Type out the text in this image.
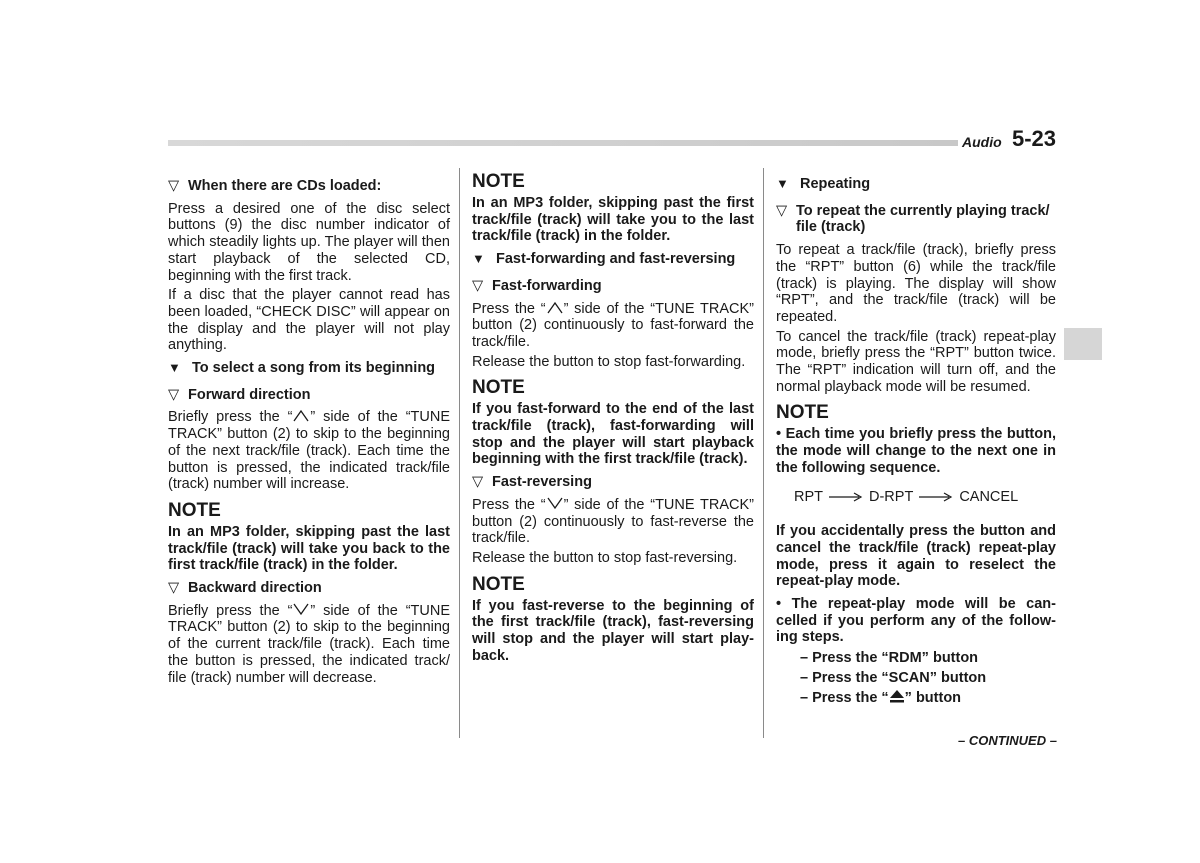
Audio 5-23
▽ When there are CDs loaded:

Press a desired one of the disc select buttons (9) the disc number indicator of which steadily lights up. The player will then start playback of the selected CD, beginning with the first track.

If a disc that the player cannot read has been loaded, “CHECK DISC” will appear on the display and the player will not play anything.

▼ To select a song from its beginning
▽ Forward direction

Briefly press the “ ” side of the “TUNE TRACK” button (2) to skip to the beginning of the next track/file (track). Each time the button is pressed, the indicated track/file (track) number will increase.

NOTE

In an MP3 folder, skipping past the last track/file (track) will take you back to the first track/file (track) in the folder.

▽ Backward direction

Briefly press the “ ” side of the “TUNE TRACK” button (2) to skip to the beginning of the current track/file (track). Each time the button is pressed, the indicated track/ file (track) number will decrease.

NOTE

In an MP3 folder, skipping past the first track/file (track) will take you to the last track/file (track) in the folder.

▼ Fast-forwarding and fast-reversing
▽ Fast-forwarding

Press the “ ” side of the “TUNE TRACK” button (2) continuously to fast-forward the track/file.

Release the button to stop fast-forwarding.

NOTE

If you fast-forward to the end of the last track/file (track), fast-forwarding will stop and the player will start playback beginning with the first track/file (track).

▽ Fast-reversing

Press the “ ” side of the “TUNE TRACK” button (2) continuously to fast-reverse the track/file.

Release the button to stop fast-reversing.

NOTE

If you fast-reverse to the beginning of the first track/file (track), fast-reversing will stop and the player will start play-back.

▼ Repeating
▽ To repeat the currently playing track/ file (track)

To repeat a track/file (track), briefly press the “RPT” button (6) while the track/file (track) is playing. The display will show “RPT”, and the track/file (track) will be repeated.

To cancel the track/file (track) repeat-play mode, briefly press the “RPT” button twice. The “RPT” indication will turn off, and the normal playback mode will be resumed.

NOTE

• Each time you briefly press the button, the mode will change to the next one in the following sequence.

RPT	D-RPT	CANCEL

If you accidentally press the button and cancel the track/file (track) repeat-play mode, press it again to reselect the repeat-play mode.

• The repeat-play mode will be can-celled if you perform any of the follow-ing steps.

– Press the “RDM” button
– Press the “SCAN” button
– Press the “ ” button
– CONTINUED –
